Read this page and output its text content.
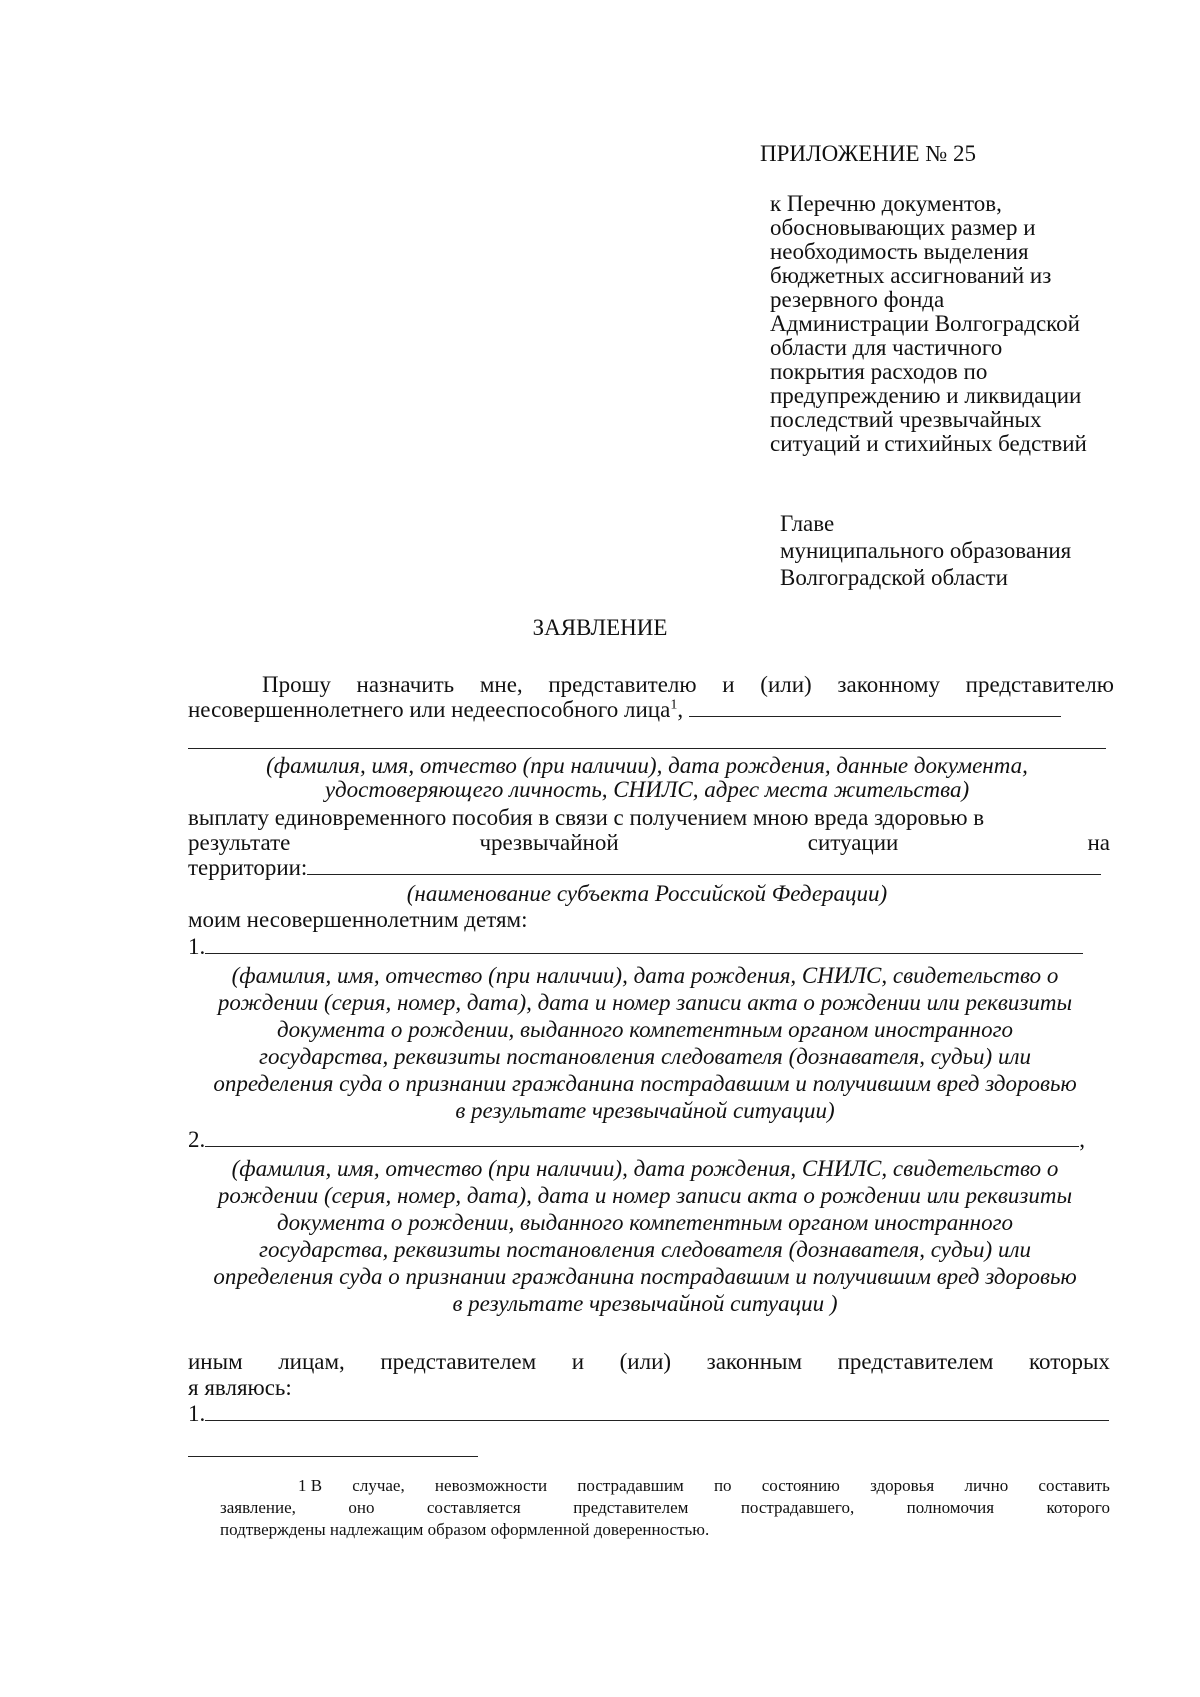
ПРИЛОЖЕНИЕ № 25
к Перечню документов,
обосновывающих размер и
необходимость выделения
бюджетных ассигнований из
резервного фонда
Администрации Волгоградской
области для частичного
покрытия расходов по
предупреждению и ликвидации
последствий чрезвычайных
ситуаций и стихийных бедствий
Главе
муниципального образования
Волгоградской области
ЗАЯВЛЕНИЕ
Прошу назначить мне, представителю и (или) законному представителю
несовершеннолетнего или недееспособного лица$^1$,
(фамилия, имя, отчество (при наличии), дата рождения, данные документа,
удостоверяющего личность, СНИЛС, адрес места жительства)
выплату единовременного пособия в связи с получением мною вреда здоровью в
результате	чрезвычайной	ситуации	на
территории:
(наименование субъекта Российской Федерации)
моим несовершеннолетним детям:
1.
(фамилия, имя, отчество (при наличии), дата рождения, СНИЛС, свидетельство о
рождении (серия, номер, дата), дата и номер записи акта о рождении или реквизиты
документа о рождении, выданного компетентным органом иностранного
государства, реквизиты постановления следователя (дознавателя, судьи) или
определения суда о признании гражданина пострадавшим и получившим вред здоровью
в результате чрезвычайной ситуации)
2.	,
(фамилия, имя, отчество (при наличии), дата рождения, СНИЛС, свидетельство о
рождении (серия, номер, дата), дата и номер записи акта о рождении или реквизиты
документа о рождении, выданного компетентным органом иностранного
государства, реквизиты постановления следователя (дознавателя, судьи) или
определения суда о признании гражданина пострадавшим и получившим вред здоровью
в результате чрезвычайной ситуации )
иным лицам, представителем и (или) законным представителем которых
я являюсь:
1.
1 В случае, невозможности пострадавшим по состоянию здоровья лично составить
заявление,	оно	составляется	представителем	пострадавшего,	полномочия	которого
подтверждены надлежащим образом оформленной доверенностью.
